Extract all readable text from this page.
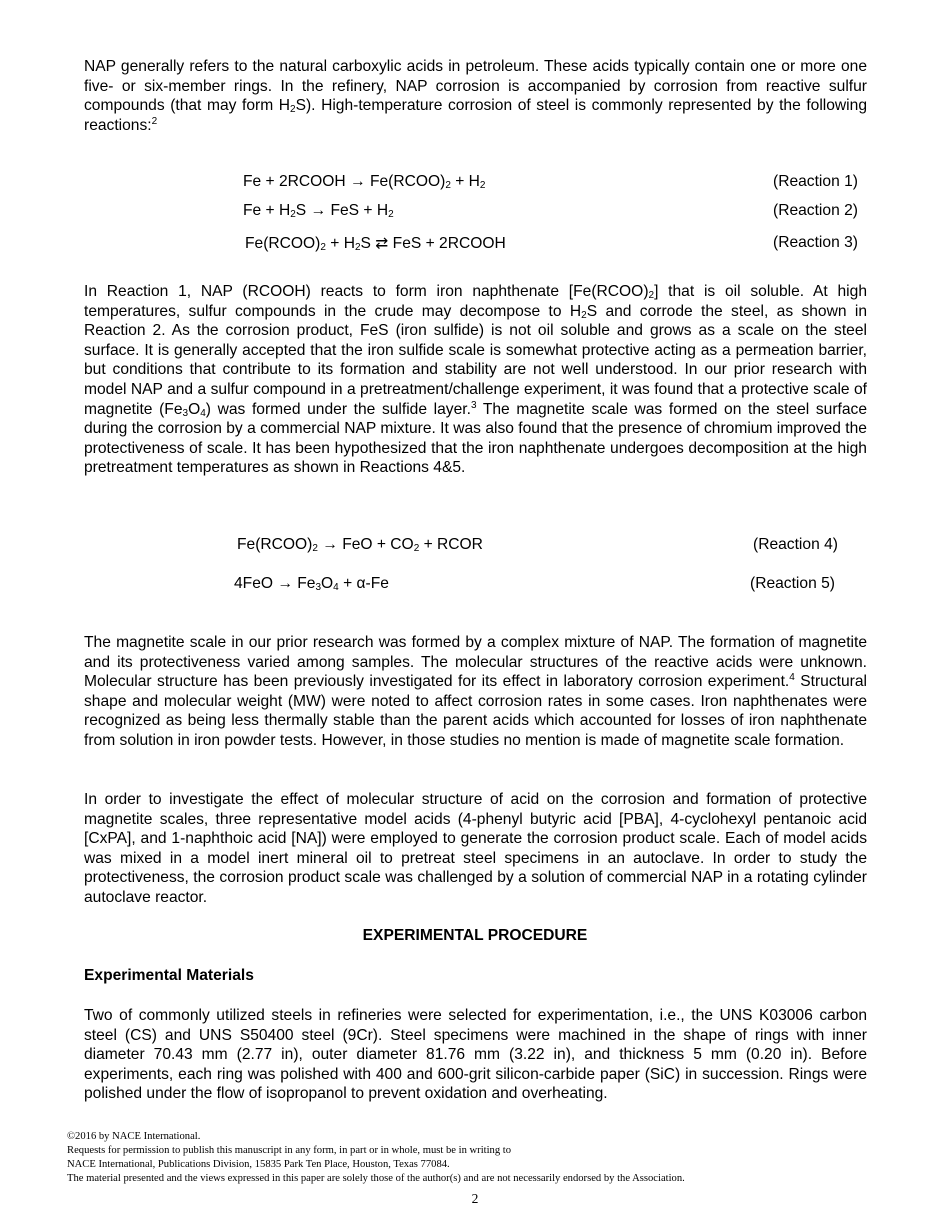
NAP generally refers to the natural carboxylic acids in petroleum. These acids typically contain one or more one five- or six-member rings. In the refinery, NAP corrosion is accompanied by corrosion from reactive sulfur compounds (that may form $H_2S$). High-temperature corrosion of steel is commonly represented by the following reactions:$^2$

Fe + 2RCOOH → $Fe(RCOO)_2 + H_2$	(Reaction 1)
$Fe + H_2S$ → FeS + $H_2$	(Reaction 2)
$Fe(RCOO)_2 + H_2S$ ⇄ FeS + 2RCOOH	(Reaction 3)

In Reaction 1, NAP (RCOOH) reacts to form iron naphthenate $[Fe(RCOO)_2]$ that is oil soluble. At high temperatures, sulfur compounds in the crude may decompose to $H_2S$ and corrode the steel, as shown in Reaction 2. As the corrosion product, FeS (iron sulfide) is not oil soluble and grows as a scale on the steel surface. It is generally accepted that the iron sulfide scale is somewhat protective acting as a permeation barrier, but conditions that contribute to its formation and stability are not well understood. In our prior research with model NAP and a sulfur compound in a pretreatment/challenge experiment, it was found that a protective scale of magnetite $(Fe_3O_4)$ was formed under the sulfide layer.$^3$ The magnetite scale was formed on the steel surface during the corrosion by a commercial NAP mixture. It was also found that the presence of chromium improved the protectiveness of scale. It has been hypothesized that the iron naphthenate undergoes decomposition at the high pretreatment temperatures as shown in Reactions 4&5.

$Fe(RCOO)_2$ → FeO + $CO_2$ + RCOR	(Reaction 4)
$4FeO \to Fe_3O_4 + \alpha-Fe$	(Reaction 5)

The magnetite scale in our prior research was formed by a complex mixture of NAP. The formation of magnetite and its protectiveness varied among samples. The molecular structures of the reactive acids were unknown. Molecular structure has been previously investigated for its effect in laboratory corrosion experiment.$^4$ Structural shape and molecular weight (MW) were noted to affect corrosion rates in some cases. Iron naphthenates were recognized as being less thermally stable than the parent acids which accounted for losses of iron naphthenate from solution in iron powder tests. However, in those studies no mention is made of magnetite scale formation.

In order to investigate the effect of molecular structure of acid on the corrosion and formation of protective magnetite scales, three representative model acids (4-phenyl butyric acid [PBA], 4-cyclohexyl pentanoic acid [CxPA], and 1-naphthoic acid [NA]) were employed to generate the corrosion product scale. Each of model acids was mixed in a model inert mineral oil to pretreat steel specimens in an autoclave. In order to study the protectiveness, the corrosion product scale was challenged by a solution of commercial NAP in a rotating cylinder autoclave reactor.

EXPERIMENTAL PROCEDURE
Experimental Materials

Two of commonly utilized steels in refineries were selected for experimentation, i.e., the UNS K03006 carbon steel (CS) and UNS S50400 steel (9Cr). Steel specimens were machined in the shape of rings with inner diameter 70.43 mm (2.77 in), outer diameter 81.76 mm (3.22 in), and thickness 5 mm (0.20 in). Before experiments, each ring was polished with 400 and 600-grit silicon-carbide paper (SiC) in succession. Rings were polished under the flow of isopropanol to prevent oxidation and overheating.

©2016 by NACE International.
Requests for permission to publish this manuscript in any form, in part or in whole, must be in writing to
NACE International, Publications Division, 15835 Park Ten Place, Houston, Texas 77084.
The material presented and the views expressed in this paper are solely those of the author(s) and are not necessarily endorsed by the Association.
2
